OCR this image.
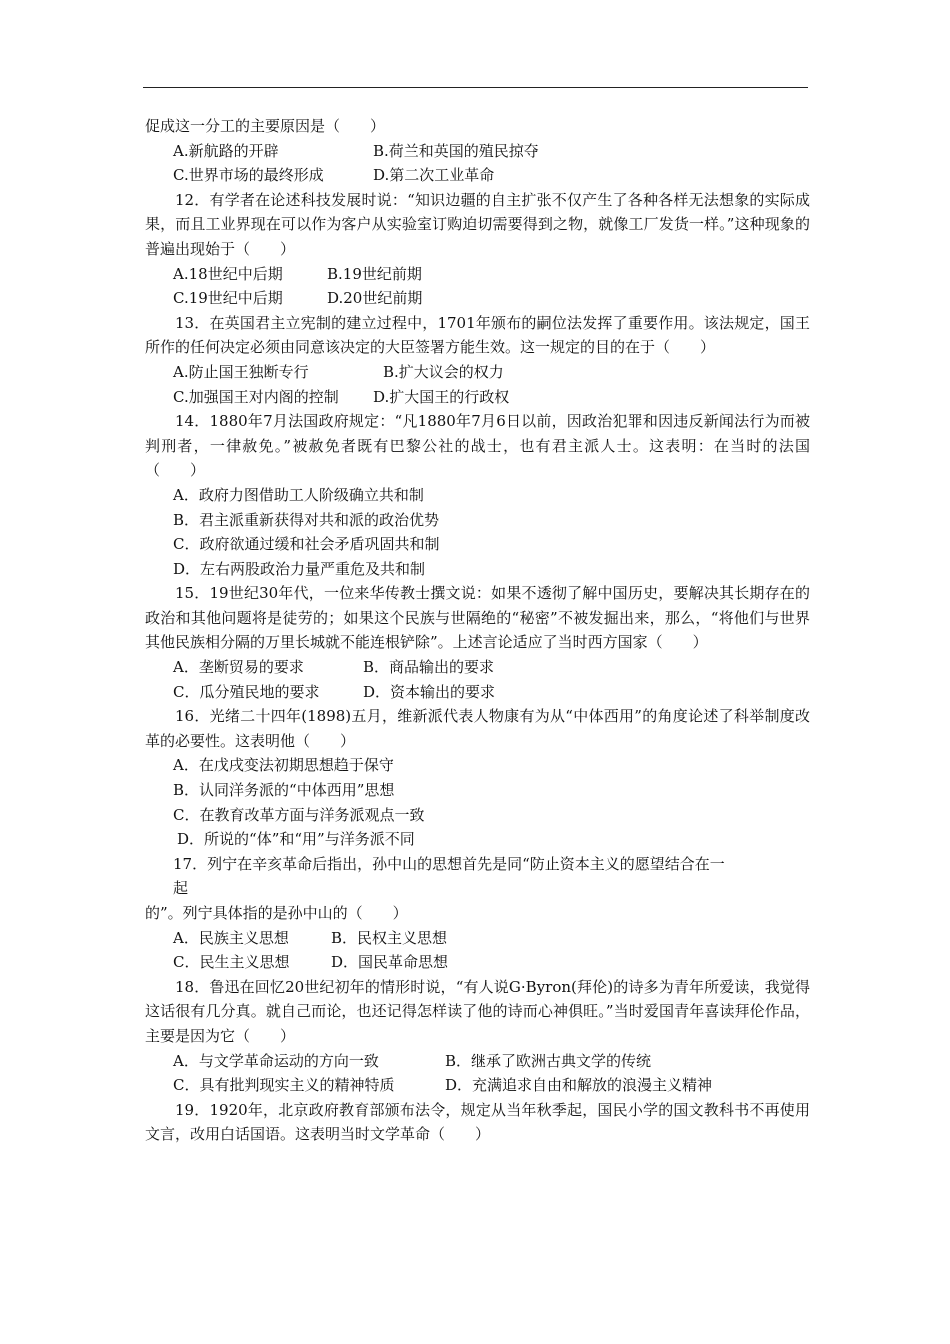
促成这一分工的主要原因是（　　）
A.新航路的开辟	B.荷兰和英国的殖民掠夺
C.世界市场的最终形成	D.第二次工业革命
12．有学者在论述科技发展时说：“知识边疆的自主扩张不仅产生了各种各样无法想象的实际成果，而且工业界现在可以作为客户从实验室订购迫切需要得到之物，就像工厂发货一样。”这种现象的普遍出现始于（　　）
A.18世纪中后期	B.19世纪前期
C.19世纪中后期	D.20世纪前期
13．在英国君主立宪制的建立过程中，1701年颁布的嗣位法发挥了重要作用。该法规定，国王所作的任何决定必须由同意该决定的大臣签署方能生效。这一规定的目的在于（　　）
A.防止国王独断专行	B.扩大议会的权力
C.加强国王对内阁的控制 D.扩大国王的行政权
14．1880年7月法国政府规定：“凡1880年7月6日以前，因政治犯罪和因违反新闻法行为而被判刑者，一律赦免。”被赦免者既有巴黎公社的战士，也有君主派人士。这表明：在当时的法国（　　）
A．政府力图借助工人阶级确立共和制
B．君主派重新获得对共和派的政治优势
C．政府欲通过缓和社会矛盾巩固共和制
D．左右两股政治力量严重危及共和制
15．19世纪30年代，一位来华传教士撰文说：如果不透彻了解中国历史，要解决其长期存在的政治和其他问题将是徒劳的；如果这个民族与世隔绝的“秘密”不被发掘出来，那么，“将他们与世界其他民族相分隔的万里长城就不能连根铲除”。上述言论适应了当时西方国家（　　）
A．垄断贸易的要求	B．商品输出的要求
C．瓜分殖民地的要求	D．资本输出的要求
16．光绪二十四年(1898)五月，维新派代表人物康有为从“中体西用”的角度论述了科举制度改革的必要性。这表明他（　　）
A．在戊戌变法初期思想趋于保守
B．认同洋务派的“中体西用”思想
C．在教育改革方面与洋务派观点一致
D．所说的“体”和“用”与洋务派不同
17．列宁在辛亥革命后指出，孙中山的思想首先是同“防止资本主义的愿望结合在一
起
的”。列宁具体指的是孙中山的（　　）
A．民族主义思想	B．民权主义思想
C．民生主义思想	D．国民革命思想
18．鲁迅在回忆20世纪初年的情形时说，“有人说G·Byron(拜伦)的诗多为青年所爱读，我觉得这话很有几分真。就自己而论，也还记得怎样读了他的诗而心神俱旺。”当时爱国青年喜读拜伦作品，主要是因为它（　　）
A．与文学革命运动的方向一致	B．继承了欧洲古典文学的传统
C．具有批判现实主义的精神特质	D．充满追求自由和解放的浪漫主义精神
19．1920年，北京政府教育部颁布法令，规定从当年秋季起，国民小学的国文教科书不再使用文言，改用白话国语。这表明当时文学革命（　　）
